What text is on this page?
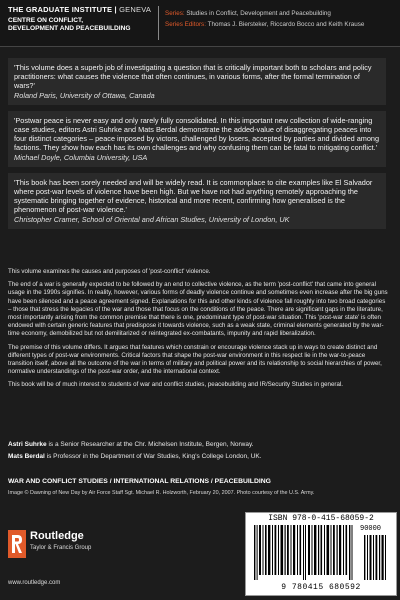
THE GRADUATE INSTITUTE | GENEVA
CENTRE ON CONFLICT,
DEVELOPMENT AND PEACEBUILDING
Series: Studies in Conflict, Development and Peacebuilding
Series Editors: Thomas J. Biersteker, Riccardo Bocco and Keith Krause
'This volume does a superb job of investigating a question that is critically important both to scholars and policy practitioners: what causes the violence that often continues, in various forms, after the formal termination of wars?'
Roland Paris, University of Ottawa, Canada
'Postwar peace is never easy and only rarely fully consolidated. In this important new collection of wide-ranging case studies, editors Astri Suhrke and Mats Berdal demonstrate the added-value of disaggregating peaces into four distinct categories – peace imposed by victors, challenged by losers, accepted by parties and divided among factions. They show how each has its own challenges and why confusing them can be fatal to mitigating conflict.'
Michael Doyle, Columbia University, USA
'This book has been sorely needed and will be widely read. It is commonplace to cite examples like El Salvador where post-war levels of violence have been high. But we have not had anything remotely approaching the systematic bringing together of evidence, historical and more recent, confirming how generalised is the phenomenon of post-war violence.'
Christopher Cramer, School of Oriental and African Studies, University of London, UK

This volume examines the causes and purposes of 'post-conflict' violence.

The end of a war is generally expected to be followed by an end to collective violence, as the term 'post-conflict' that came into general usage in the 1990s signifies. In reality, however, various forms of deadly violence continue and sometimes even increase after the big guns have been silenced and a peace agreement signed. Explanations for this and other kinds of violence fall roughly into two broad categories – those that stress the legacies of the war and those that focus on the conditions of the peace. There are significant gaps in the literature, most importantly arising from the common premise that there is one, predominant type of post-war situation. This 'post-war state' is often endowed with certain generic features that predispose it towards violence, such as a weak state, criminal elements generated by the war-time economy, demobilized but not demilitarized or reintegrated ex-combatants, impunity and rapid liberalization.

The premise of this volume differs. It argues that features which constrain or encourage violence stack up in ways to create distinct and different types of post-war environments. Critical factors that shape the post-war environment in this respect lie in the war-to-peace transition itself, above all the outcome of the war in terms of military and political power and its relationship to social hierarchies of power, normative understandings of the post-war order, and the international context.

This book will be of much interest to students of war and conflict studies, peacebuilding and IR/Security Studies in general.

Astri Suhrke is a Senior Researcher at the Chr. Michelsen Institute, Bergen, Norway.

Mats Berdal is Professor in the Department of War Studies, King's College London, UK.

WAR AND CONFLICT STUDIES / INTERNATIONAL RELATIONS / PEACEBUILDING
Image © Dawning of New Day by Air Force Staff Sgt. Michael R. Holzworth, February 20, 2007. Photo courtesy of the U.S. Army.
Routledge
Taylor & Francis Group
www.routledge.com
ISBN 978-0-415-68059-2
90000
9 780415 680592
